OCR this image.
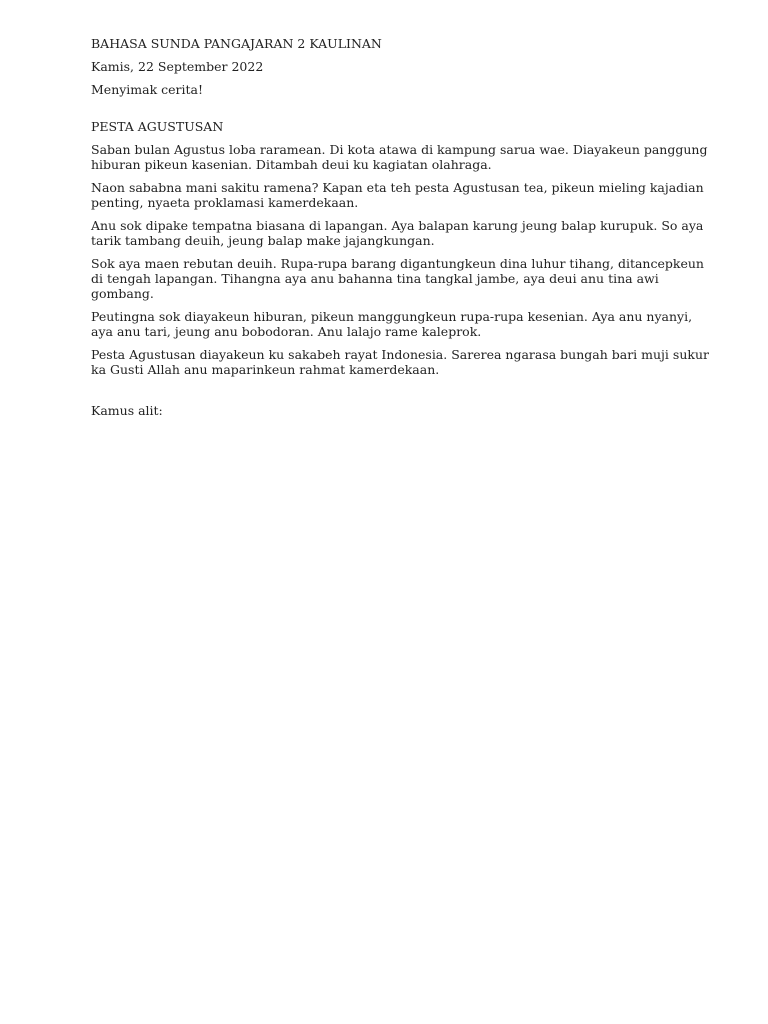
BAHASA SUNDA PANGAJARAN 2 KAULINAN

Kamis, 22 September 2022

Menyimak cerita!

PESTA AGUSTUSAN

Saban bulan Agustus loba raramean. Di kota atawa di kampung sarua wae. Diayakeun panggung

hiburan pikeun kasenian. Ditambah deui ku kagiatan olahraga.

Naon sababna mani sakitu ramena? Kapan eta teh pesta Agustusan tea, pikeun mieling kajadian

penting, nyaeta proklamasi kamerdekaan.

Anu sok dipake tempatna biasana di lapangan. Aya balapan karung jeung balap kurupuk. So aya

tarik tambang deuih, jeung balap make jajangkungan.

Sok aya maen rebutan deuih. Rupa-rupa barang digantungkeun dina luhur tihang, ditancepkeun

di tengah lapangan. Tihangna aya anu bahanna tina tangkal jambe, aya deui anu tina awi

gombang.

Peutingna sok diayakeun hiburan, pikeun manggungkeun rupa-rupa kesenian. Aya anu nyanyi,

aya anu tari, jeung anu bobodoran. Anu lalajo rame kaleprok.

Pesta Agustusan diayakeun ku sakabeh rayat Indonesia. Sarerea ngarasa bungah bari muji sukur

ka Gusti Allah anu maparinkeun rahmat kamerdekaan.

Kamus alit:
